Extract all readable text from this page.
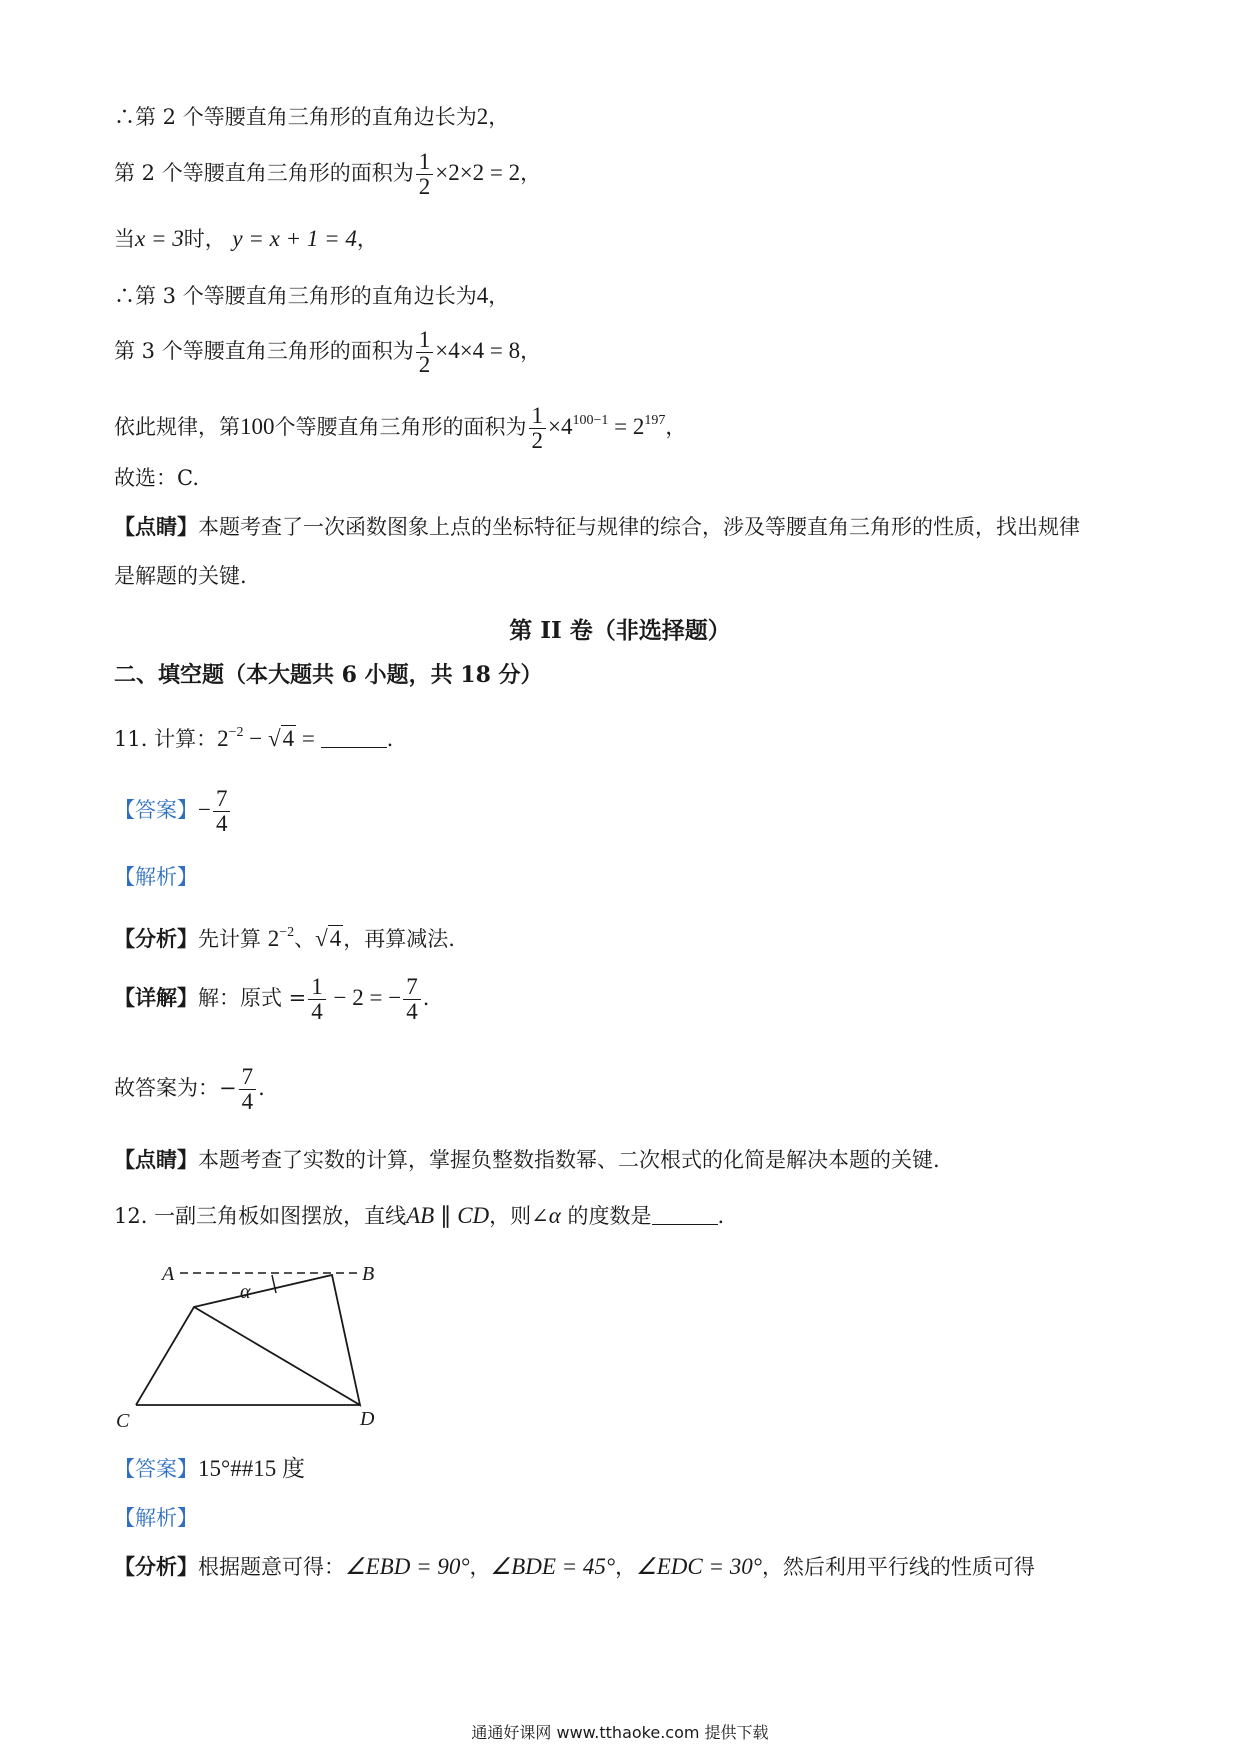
∴第 2 个等腰直角三角形的直角边长为2，
第 2 个等腰直角三角形的面积为 $\frac{1}{2} \times 2\times 2 = 2$，
当x = 3时， y = x + 1 = 4，
∴第 3 个等腰直角三角形的直角边长为4，
第 3 个等腰直角三角形的面积为 $\frac{1}{2} \times 4\times 4 = 8$，
依此规律，第100个等腰直角三角形的面积为 $\frac{1}{2} \times 4^{100-1} = 2^{197}$，
故选：C.
【点睛】本题考查了一次函数图象上点的坐标特征与规律的综合，涉及等腰直角三角形的性质，找出规律
是解题的关键.
第 II 卷（非选择题）
二、填空题（本大题共 6 小题，共 18 分）
11. 计算：$2^{-2} - √4$ =	.
【答案】− $\frac{7}{4}$
【解析】
【分析】先计算 $2^{-2}$、√4，再算减法.
【详解】解：原式 = $\frac{1}{4} - 2$ = − $\frac{7}{4}$ .
故答案为：− $\frac{7}{4}$ .
【点睛】本题考查了实数的计算，掌握负整数指数幂、二次根式的化简是解决本题的关键.
12. 一副三角板如图摆放，直线AB ∥ CD，则∠α 的度数是	.
A	B
C	D
α
【答案】15°##15 度
【解析】
【分析】根据题意可得：∠EBD = 90°，∠BDE = 45°，∠EDC = 30°，然后利用平行线的性质可得
通通好课网 www.tthaoke.com 提供下载
